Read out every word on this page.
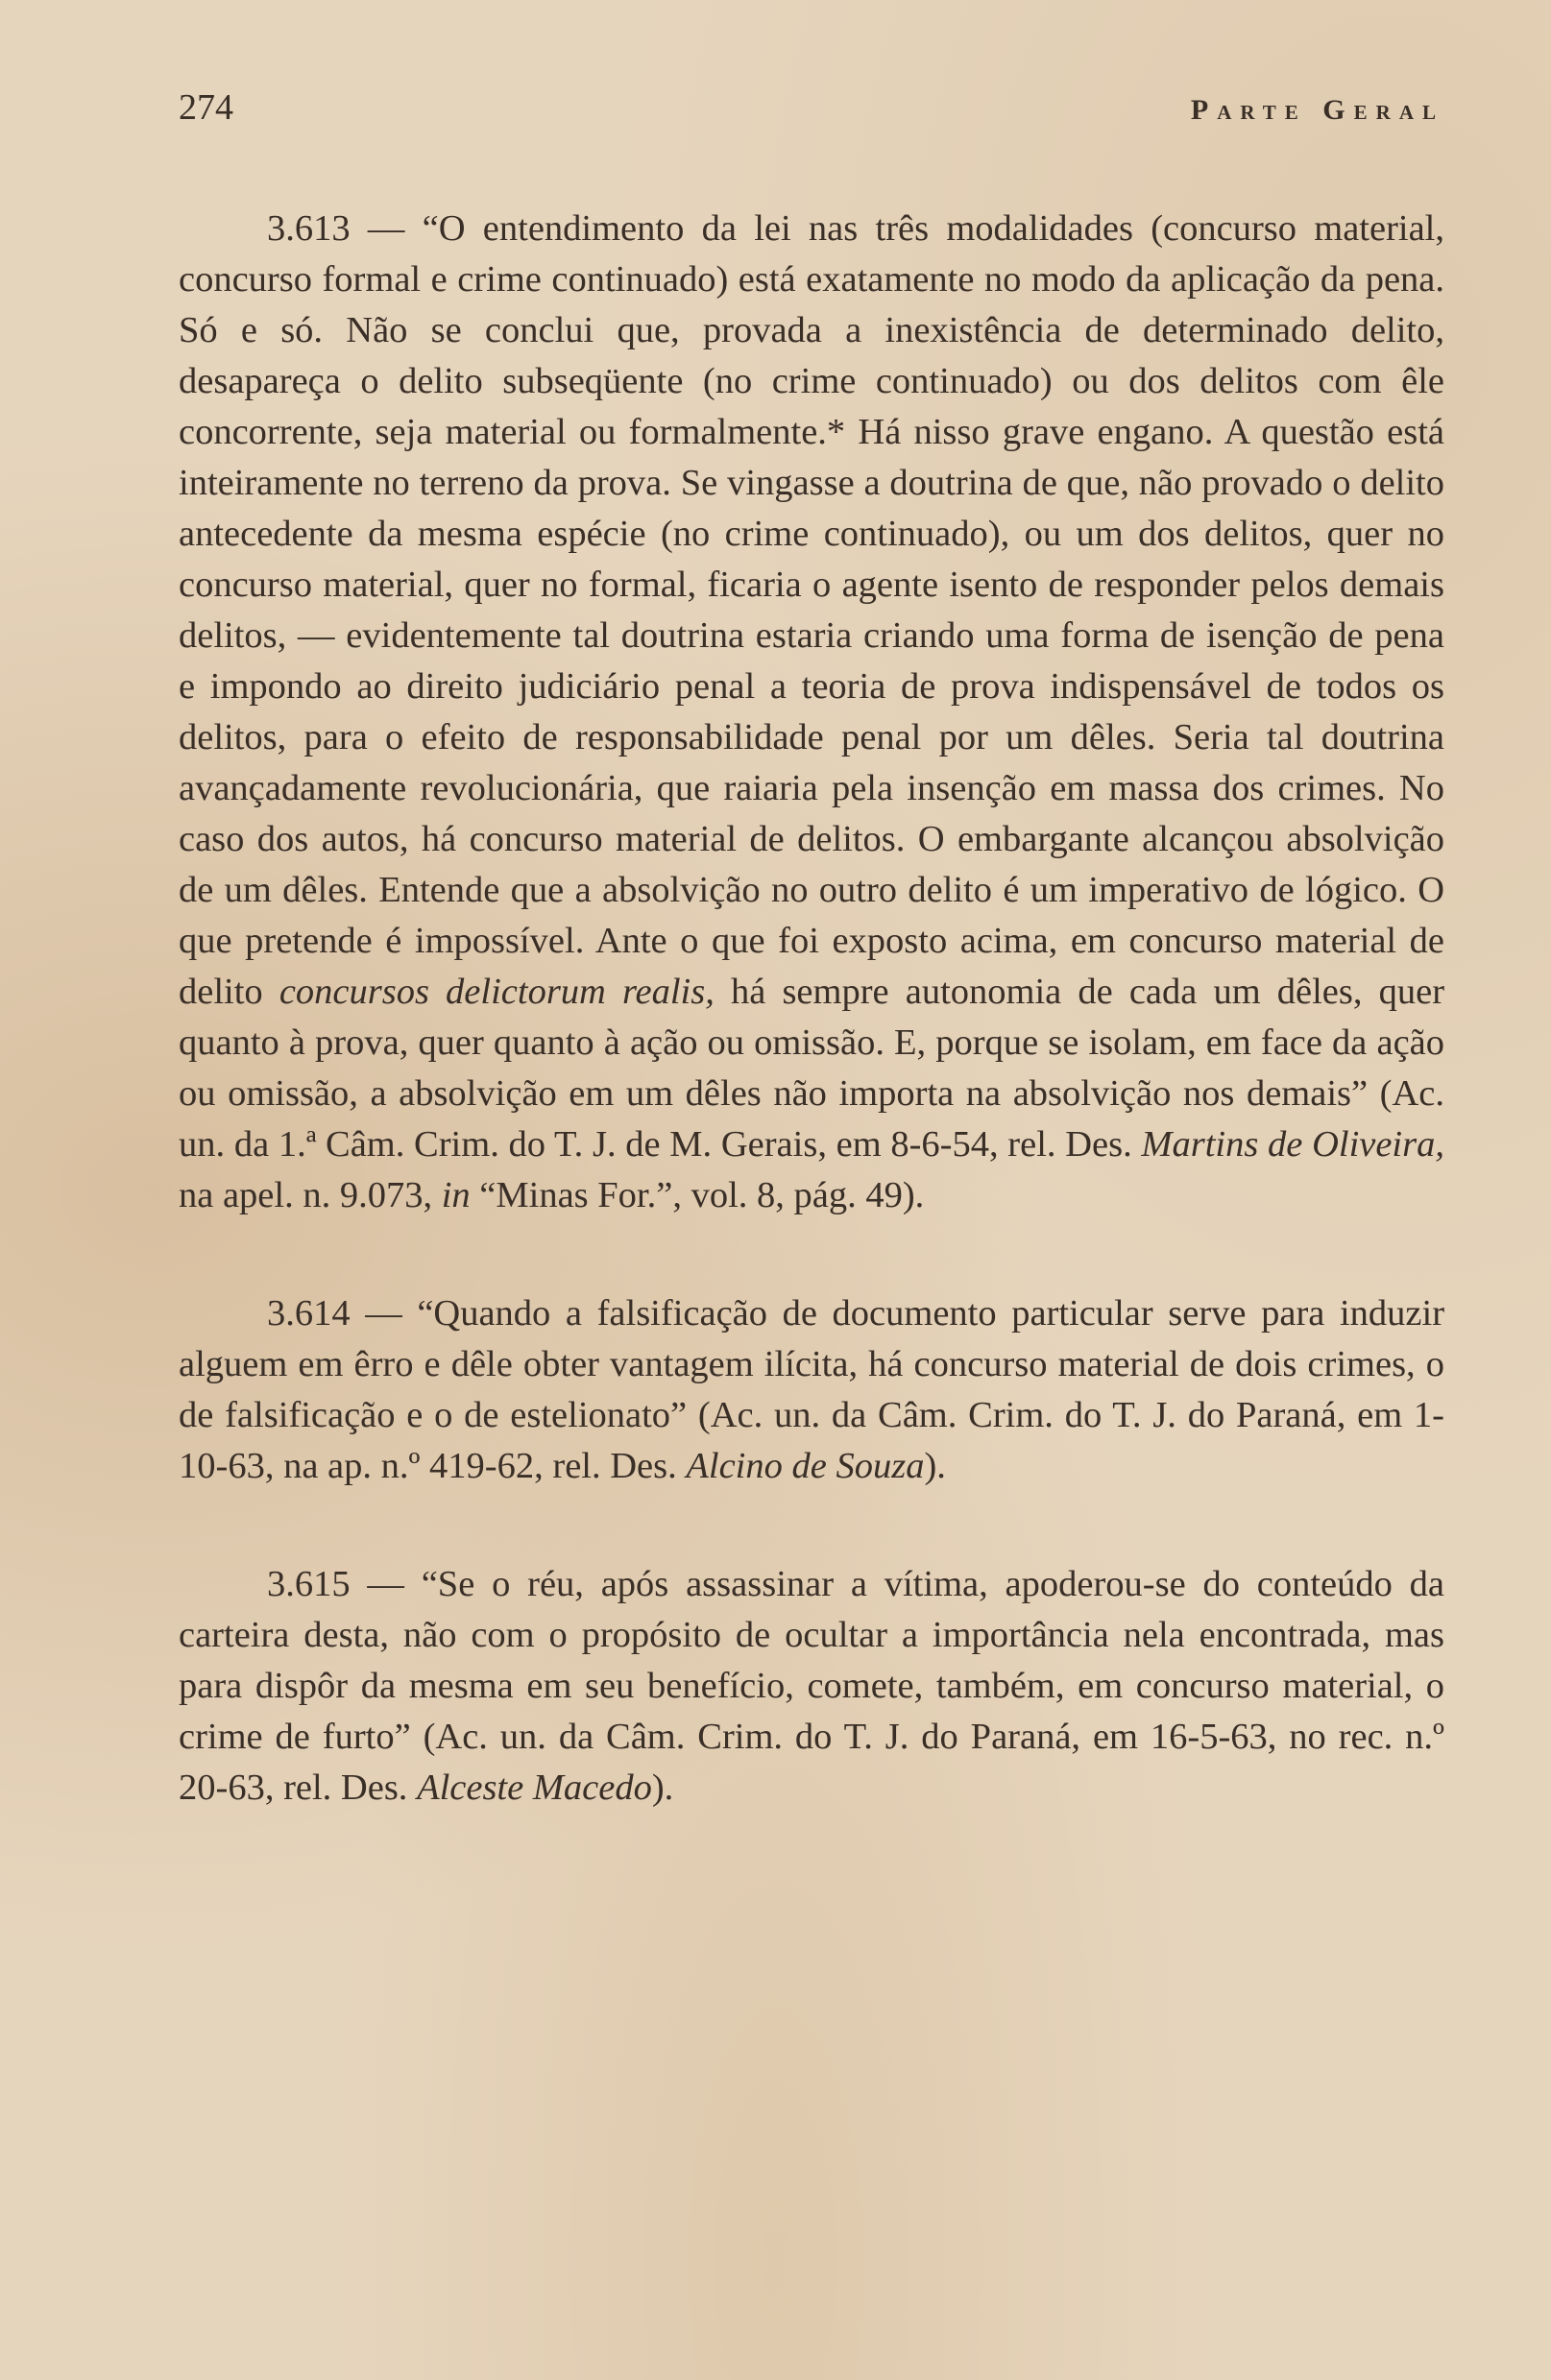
274	Parte Geral

3.613 — “O entendimento da lei nas três modalidades (concurso material, concurso formal e crime continuado) está exatamente no modo da aplicação da pena. Só e só. Não se conclui que, provada a inexistência de determinado delito, desapareça o delito subseqüente (no crime continuado) ou dos delitos com êle concorrente, seja material ou formalmente.* Há nisso grave engano. A questão está inteiramente no terreno da prova. Se vingasse a doutrina de que, não provado o delito antecedente da mesma espécie (no crime continuado), ou um dos delitos, quer no concurso material, quer no formal, ficaria o agente isento de responder pelos demais delitos, — evidentemente tal doutrina estaria criando uma forma de isenção de pena e impondo ao direito judiciário penal a teoria de prova indispensável de todos os delitos, para o efeito de responsabilidade penal por um dêles. Seria tal doutrina avançadamente revolucionária, que raiaria pela insenção em massa dos crimes. No caso dos autos, há concurso material de delitos. O embargante alcançou absolvição de um dêles. Entende que a absolvição no outro delito é um imperativo de lógico. O que pretende é impossível. Ante o que foi exposto acima, em concurso material de delito concursos delictorum realis, há sempre autonomia de cada um dêles, quer quanto à prova, quer quanto à ação ou omissão. E, porque se isolam, em face da ação ou omissão, a absolvição em um dêles não importa na absolvição nos demais” (Ac. un. da 1.ª Câm. Crim. do T. J. de M. Gerais, em 8-6-54, rel. Des. Martins de Oliveira, na apel. n. 9.073, in “Minas For.”, vol. 8, pág. 49).

3.614 — “Quando a falsificação de documento particular serve para induzir alguem em êrro e dêle obter vantagem ilícita, há concurso material de dois crimes, o de falsificação e o de estelionato” (Ac. un. da Câm. Crim. do T. J. do Paraná, em 1-10-63, na ap. n.º 419-62, rel. Des. Alcino de Souza).

3.615 — “Se o réu, após assassinar a vítima, apoderou-se do conteúdo da carteira desta, não com o propósito de ocultar a importância nela encontrada, mas para dispôr da mesma em seu benefício, comete, também, em concurso material, o crime de furto” (Ac. un. da Câm. Crim. do T. J. do Paraná, em 16-5-63, no rec. n.º 20-63, rel. Des. Alceste Macedo).
